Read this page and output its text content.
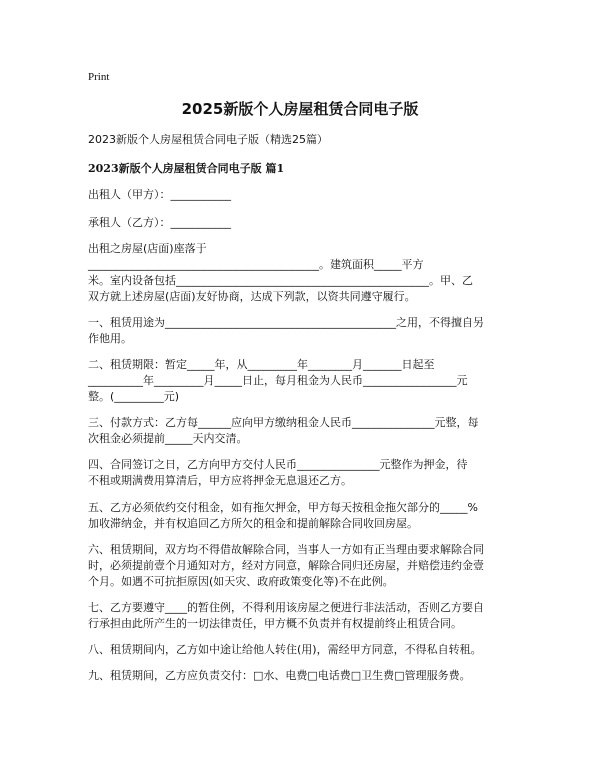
Print
2025新版个人房屋租赁合同电子版
2023新版个人房屋租赁合同电子版（精选25篇）
2023新版个人房屋租赁合同电子版 篇1
出租人（甲方）：___________
承租人（乙方）：___________
出租之房屋(店面)座落于
__________________________________________。建筑面积_____平方
米。室内设备包括______________________________________________。甲、乙
双方就上述房屋(店面)友好协商，达成下列款，以资共同遵守履行。
一、租赁用途为__________________________________________之用，不得擅自另
作他用。
二、租赁期限：暂定_____年，从_________年________月_______日起至
__________年_________月_____日止，每月租金为人民币_________________元
整。(_________元)
三、付款方式：乙方每______应向甲方缴纳租金人民币_______________元整，每
次租金必须提前_____天内交清。
四、合同签订之日，乙方向甲方交付人民币_______________元整作为押金，待
不租或期满费用算清后，甲方应将押金无息退还乙方。
五、乙方必须依约交付租金，如有拖欠押金，甲方每天按租金拖欠部分的_____%
加收滞纳金，并有权追回乙方所欠的租金和提前解除合同收回房屋。
六、租赁期间，双方均不得借故解除合同，当事人一方如有正当理由要求解除合同
时，必须提前壹个月通知对方，经对方同意，解除合同归还房屋，并赔偿违约金壹
个月。如遇不可抗拒原因(如天灾、政府政策变化等)不在此例。
七、乙方要遵守____的暂住例，不得利用该房屋之便进行非法活动，否则乙方要自
行承担由此所产生的一切法律责任，甲方概不负责并有权提前终止租赁合同。
八、租赁期间内，乙方如中途让给他人转住(用)，需经甲方同意，不得私自转租。
九、租赁期间，乙方应负责交付：□水、电费□电话费□卫生费□管理服务费。
